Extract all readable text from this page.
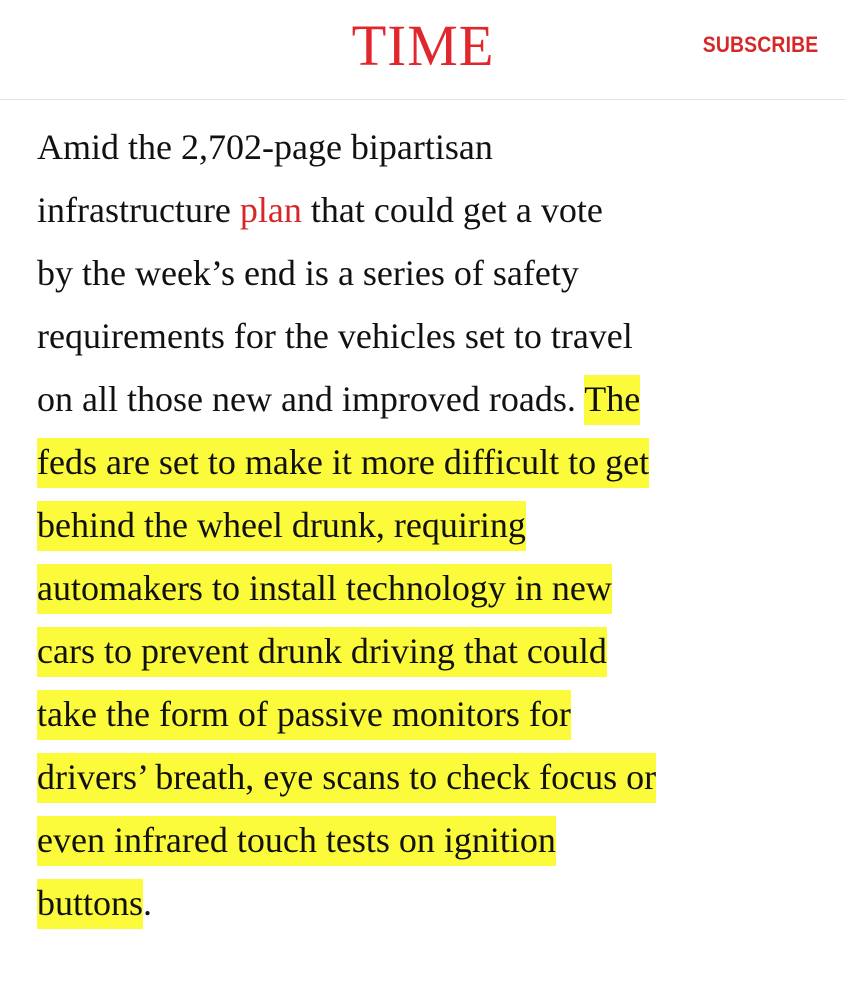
TIME	SUBSCRIBE
Amid the 2,702-page bipartisan
infrastructure plan that could get a vote
by the week’s end is a series of safety
requirements for the vehicles set to travel
on all those new and improved roads. The
feds are set to make it more difficult to get
behind the wheel drunk, requiring
automakers to install technology in new
cars to prevent drunk driving that could
take the form of passive monitors for
drivers’ breath, eye scans to check focus or
even infrared touch tests on ignition
buttons.
